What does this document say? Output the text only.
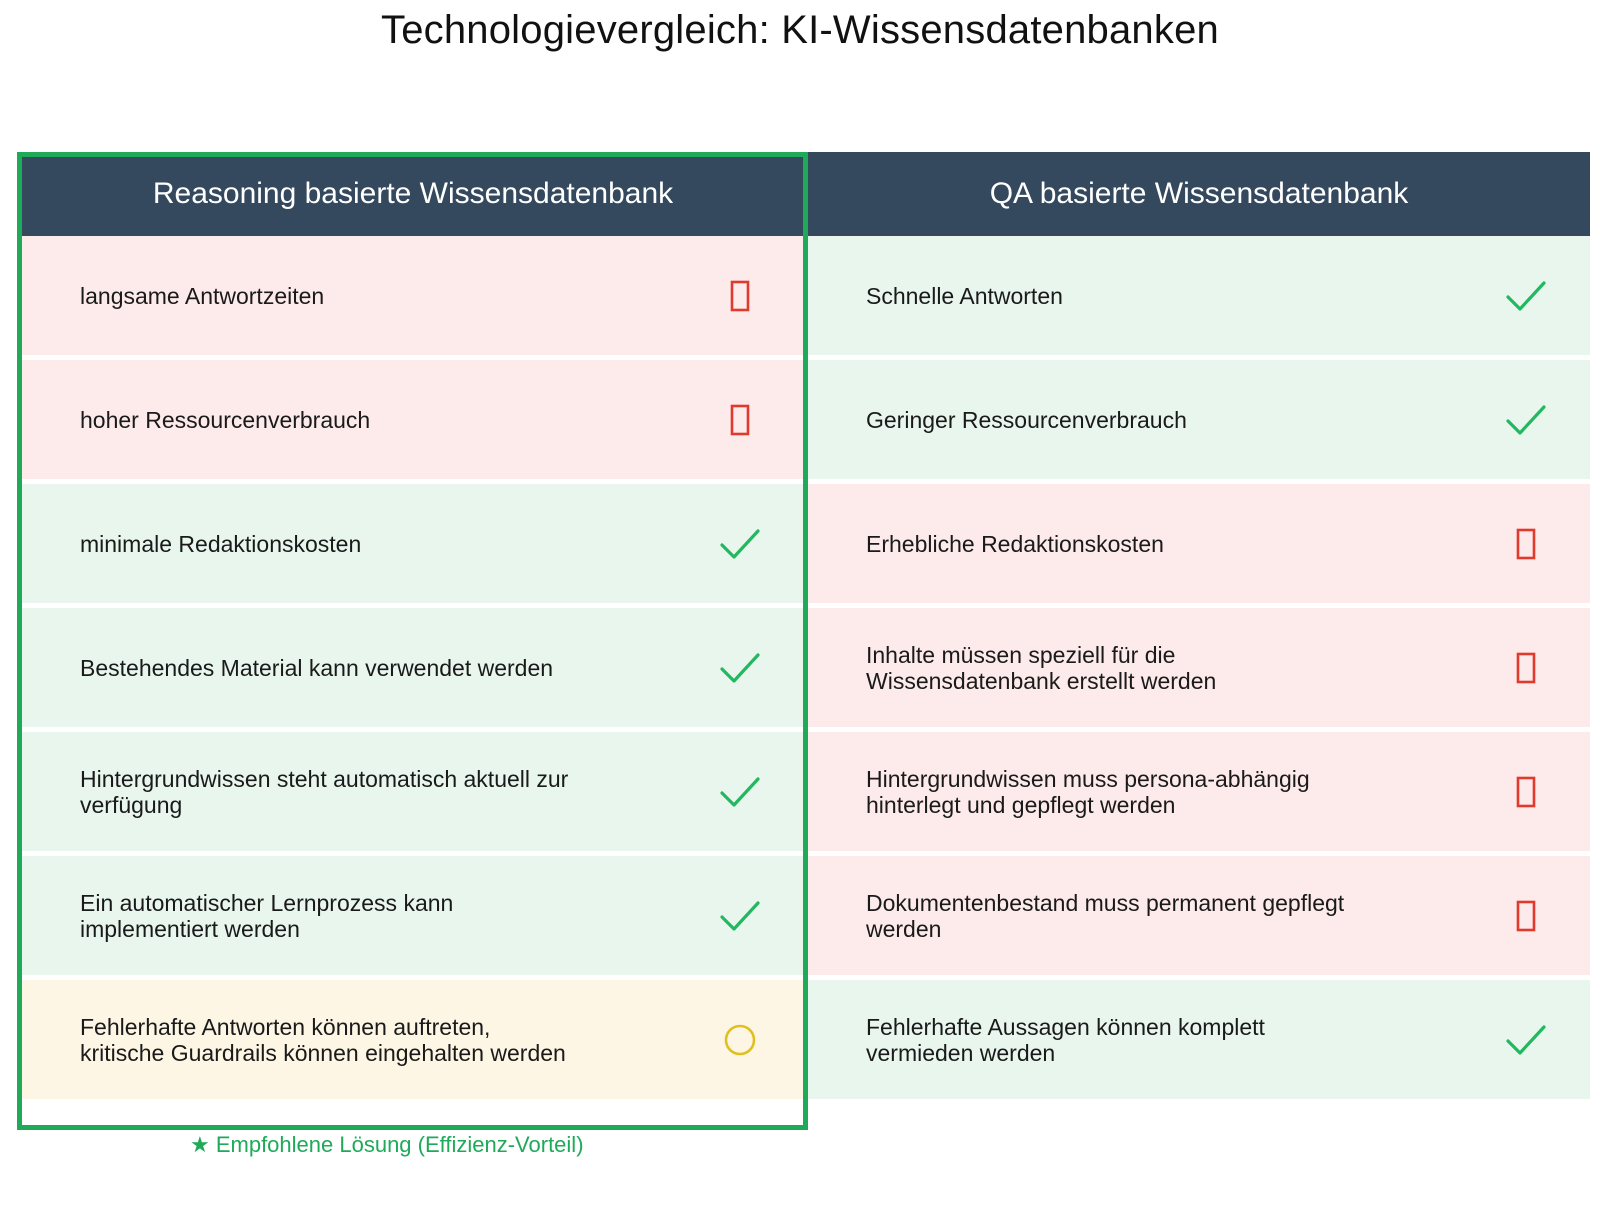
Technologievergleich: KI-Wissensdatenbanken
Reasoning basierte Wissensdatenbank
langsame Antwortzeiten
hoher Ressourcenverbrauch
minimale Redaktionskosten
Bestehendes Material kann verwendet werden
Hintergrundwissen steht automatisch aktuell zur verfügung
Ein automatischer Lernprozess kann implementiert werden
Fehlerhafte Antworten können auftreten, kritische Guardrails können eingehalten werden
QA basierte Wissensdatenbank
Schnelle Antworten
Geringer Ressourcenverbrauch
Erhebliche Redaktionskosten
Inhalte müssen speziell für die Wissensdatenbank erstellt werden
Hintergrundwissen muss persona-abhängig hinterlegt und gepflegt werden
Dokumentenbestand muss permanent gepflegt werden
Fehlerhafte Aussagen können komplett vermieden werden
★ Empfohlene Lösung (Effizienz-Vorteil)
